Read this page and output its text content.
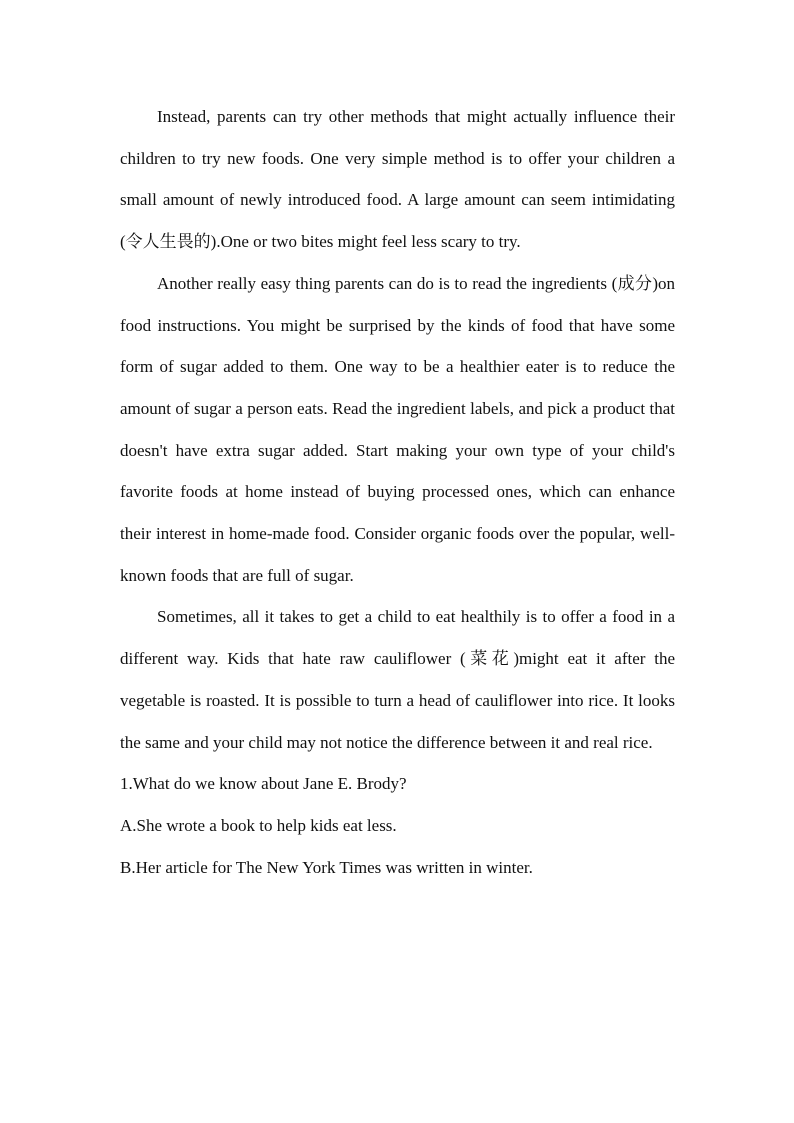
Instead, parents can try other methods that might actually influence their children to try new foods. One very simple method is to offer your children a small amount of newly introduced food. A large amount can seem intimidating (令人生畏的).One or two bites might feel less scary to try.

Another really easy thing parents can do is to read the ingredients (成分)on food instructions. You might be surprised by the kinds of food that have some form of sugar added to them. One way to be a healthier eater is to reduce the amount of sugar a person eats. Read the ingredient labels, and pick a product that doesn't have extra sugar added. Start making your own type of your child's favorite foods at home instead of buying processed ones, which can enhance their interest in home-made food. Consider organic foods over the popular, well-known foods that are full of sugar.

Sometimes, all it takes to get a child to eat healthily is to offer a food in a different way. Kids that hate raw cauliflower (菜花)might eat it after the vegetable is roasted. It is possible to turn a head of cauliflower into rice. It looks the same and your child may not notice the difference between it and real rice.

1.What do we know about Jane E. Brody?

A.She wrote a book to help kids eat less.

B.Her article for The New York Times was written in winter.
